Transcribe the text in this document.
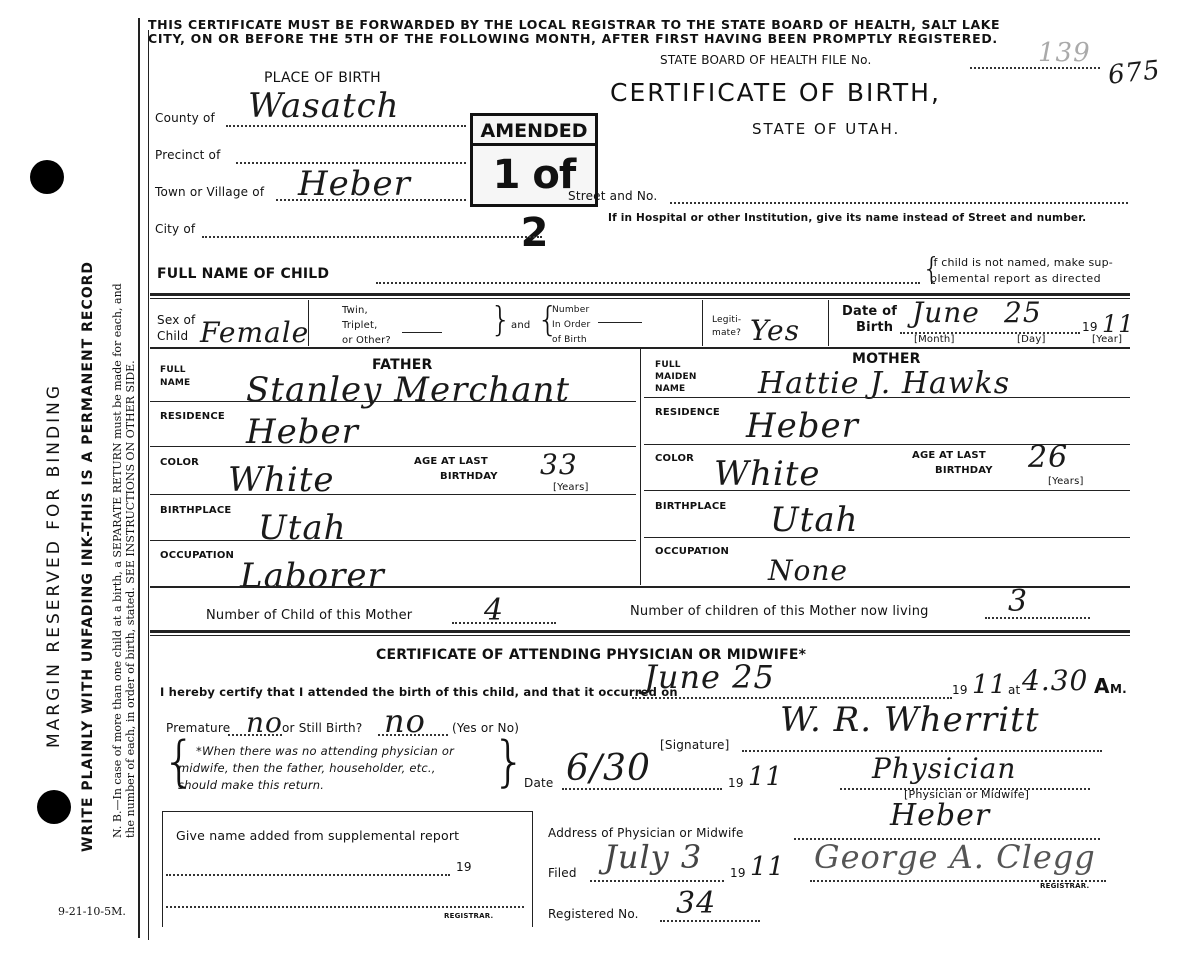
MARGIN RESERVED FOR BINDING WRITE PLAINLY WITH UNFADING INK-THIS IS A PERMANENT RECORD N. B.—In case of more than one child at a birth, a SEPARATE RETURN must be made for each, and the number of each, in order of birth, stated. SEE INSTRUCTIONS ON OTHER SIDE.
9-21-10-5M.
THIS CERTIFICATE MUST BE FORWARDED BY THE LOCAL REGISTRAR TO THE STATE BOARD OF HEALTH, SALT LAKE
CITY, ON OR BEFORE THE 5TH OF THE FOLLOWING MONTH, AFTER FIRST HAVING BEEN PROMPTLY REGISTERED.
STATE BOARD OF HEALTH FILE No.	139
675
CERTIFICATE OF BIRTH,
STATE OF UTAH.
AMENDED
1 of 2
PLACE OF BIRTH
County of Wasatch
Precinct of
Town or Village of Heber	Street and No.
If in Hospital or other Institution, give its name instead of Street and number.
City of
FULL NAME OF CHILD	{
If child is not named, make sup-
plemental report as directed
Sex of
Child Female
Twin,
Triplet,
or Other?
} and {
Number
In Order
of Birth
Legiti-
mate? Yes
Date of
Birth June 25	19 11
[Month]	[Day]	[Year]
FATHER
FULL
NAME Stanley Merchant
RESIDENCE Heber
COLOR White	AGE AT LAST
BIRTHDAY 33
[Years]
BIRTHPLACE Utah
OCCUPATION
Laborer
MOTHER
FULL
MAIDEN
NAME Hattie J. Hawks
RESIDENCE Heber
COLOR White	AGE AT LAST
BIRTHDAY 26
[Years]
BIRTHPLACE Utah
OCCUPATION
None
Number of Child of this Mother 4	Number of children of this Mother now living	3
CERTIFICATE OF ATTENDING PHYSICIAN OR MIDWIFE*
I hereby certify that I attended the birth of this child, and that it occurred on
June 25	19 11 at 4.30 A M.
Premature no or Still Birth? no (Yes or No)
{ *When there was no attending physician or
midwife, then the father, householder, etc.,
should make this return.	}	[Signature]
W. R. Wherritt
Date 6/30	19 11	Physician
[Physician or Midwife]
Address of Physician or Midwife	Heber
Give name added from supplemental report
19
REGISTRAR.
Filed July 3 19 11 George A. Clegg
REGISTRAR.
Registered No. 34
